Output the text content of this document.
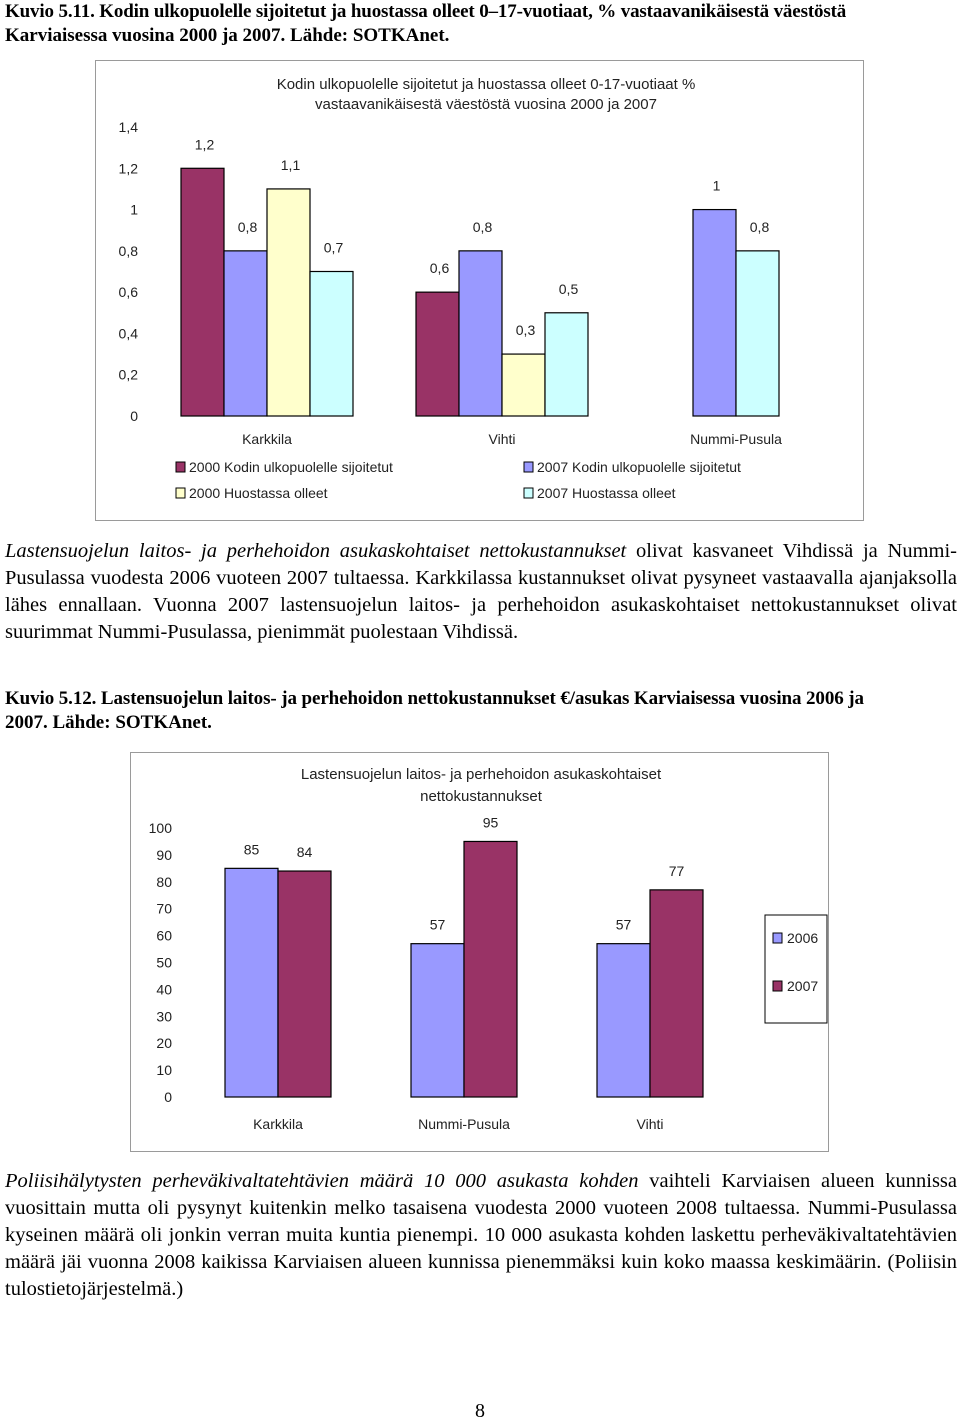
Kuvio 5.11. Kodin ulkopuolelle sijoitetut ja huostassa olleet 0–17-vuotiaat, % vastaavanikäisestä väestöstä
Karviaisessa vuosina 2000 ja 2007. Lähde: SOTKAnet.
Kodin ulkopuolelle sijoitetut ja huostassa olleet 0-17-vuotiaat %
vastaavanikäisestä väestöstä vuosina 2000 ja 2007
0
0,2
0,4
0,6
0,8
1
1,2
1,4
1,2
0,8
1,1
0,7
Karkkila
0,6
0,8
0,3
0,5
Vihti
1
0,8
Nummi-Pusula
2000 Kodin ulkopuolelle sijoitetut	2007 Kodin ulkopuolelle sijoitetut
2000 Huostassa olleet	2007 Huostassa olleet
Lastensuojelun laitos- ja perhehoidon asukaskohtaiset nettokustannukset olivat kasvaneet Vihdissä ja Nummi-Pusulassa vuodesta 2006 vuoteen 2007 tultaessa. Karkkilassa kustannukset olivat pysyneet vastaavalla ajanjaksolla lähes ennallaan. Vuonna 2007 lastensuojelun laitos- ja perhehoidon asukaskohtaiset nettokustannukset olivat suurimmat Nummi-Pusulassa, pienimmät puolestaan Vihdissä.
Kuvio 5.12. Lastensuojelun laitos- ja perhehoidon nettokustannukset €/asukas Karviaisessa vuosina 2006 ja
2007. Lähde: SOTKAnet.
Lastensuojelun laitos- ja perhehoidon asukaskohtaiset
nettokustannukset
0
10
20
30
40
50
60
70
80
90
100
85	84
Karkkila
57
95
Nummi-Pusula
57
77
Vihti
2006
2007
Poliisihälytysten perheväkivaltatehtävien määrä 10 000 asukasta kohden vaihteli Karviaisen alueen kunnissa vuosittain mutta oli pysynyt kuitenkin melko tasaisena vuodesta 2000 vuoteen 2008 tultaessa. Nummi-Pusulassa kyseinen määrä oli jonkin verran muita kuntia pienempi. 10 000 asukasta kohden laskettu perheväkivaltatehtävien määrä jäi vuonna 2008 kaikissa Karviaisen alueen kunnissa pienemmäksi kuin koko maassa keskimäärin. (Poliisin tulostietojärjestelmä.)
8
